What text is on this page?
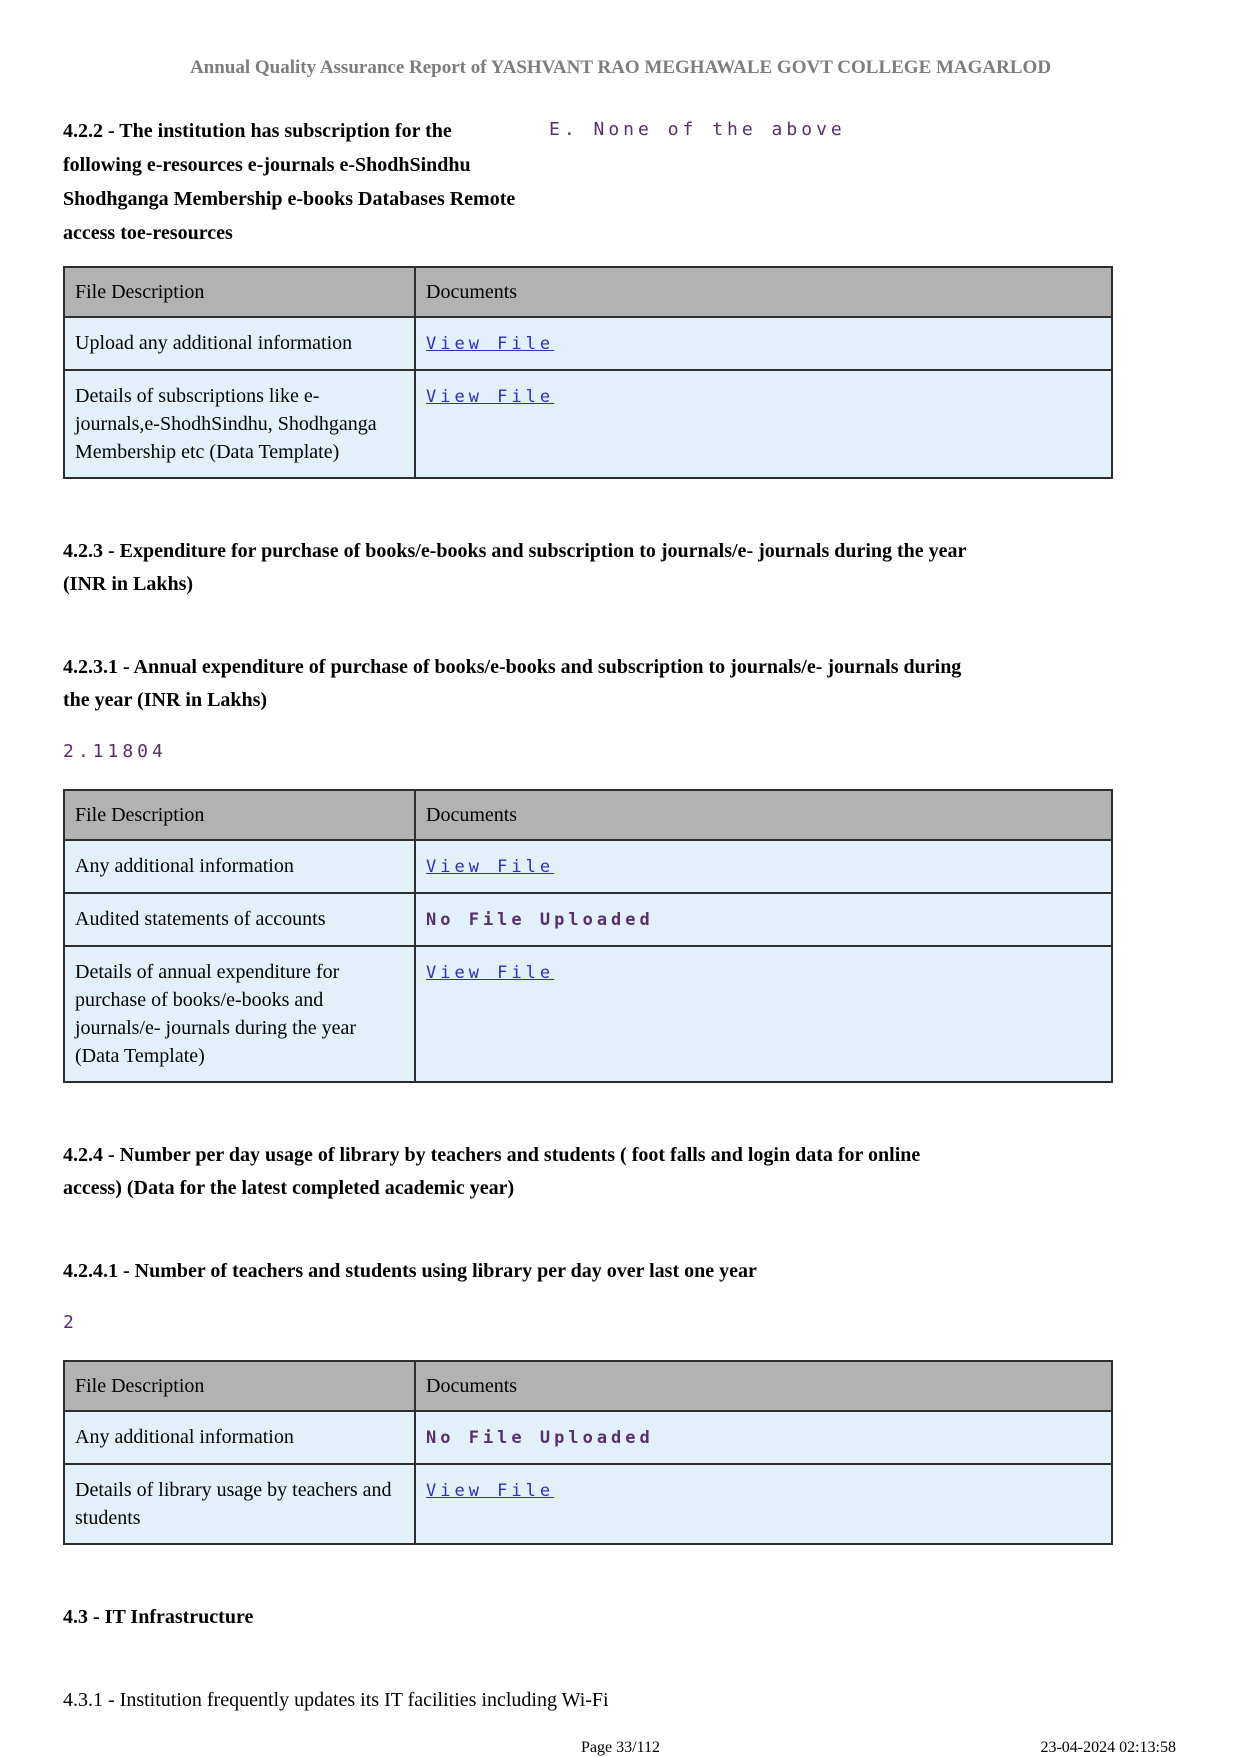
Annual Quality Assurance Report of YASHVANT RAO MEGHAWALE GOVT COLLEGE MAGARLOD
4.2.2 - The institution has subscription for the following e-resources e-journals e-ShodhSindhu Shodhganga Membership e-books Databases Remote access toe-resources
E. None of the above
File Description	Documents
Upload any additional information	View File
Details of subscriptions like e-journals,e-ShodhSindhu, Shodhganga Membership etc (Data Template)	View File
4.2.3 - Expenditure for purchase of books/e-books and subscription to journals/e- journals during the year (INR in Lakhs)
4.2.3.1 - Annual expenditure of purchase of books/e-books and subscription to journals/e- journals during the year (INR in Lakhs)
2.11804
File Description	Documents
Any additional information	View File
Audited statements of accounts	No File Uploaded
Details of annual expenditure for purchase of books/e-books and journals/e- journals during the year (Data Template)	View File
4.2.4 - Number per day usage of library by teachers and students ( foot falls and login data for online access) (Data for the latest completed academic year)
4.2.4.1 - Number of teachers and students using library per day over last one year
2
File Description	Documents
Any additional information	No File Uploaded
Details of library usage by teachers and students	View File
4.3 - IT Infrastructure
4.3.1 - Institution frequently updates its IT facilities including Wi-Fi
Page 33/112	23-04-2024 02:13:58
